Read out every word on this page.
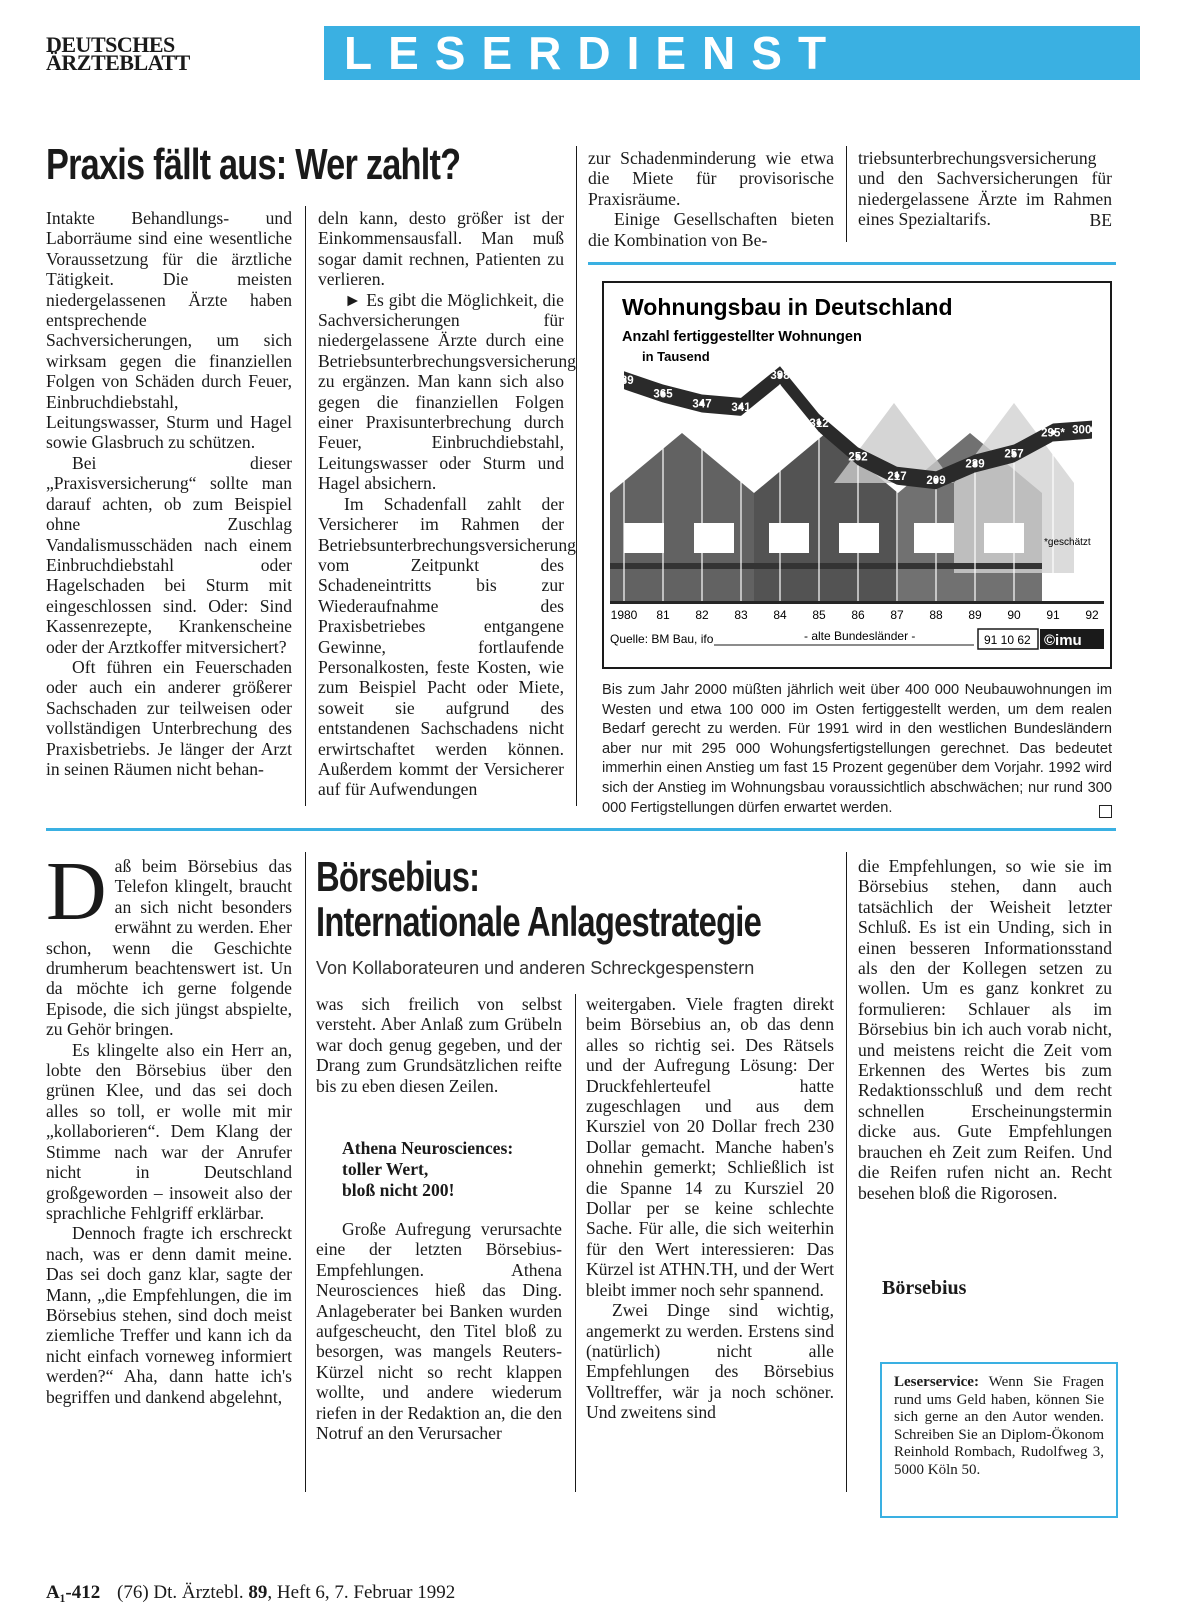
DEUTSCHES
ÄRZTEBLATT	LESERDIENST
Praxis fällt aus: Wer zahlt?

Intakte Behandlungs- und Laborräume sind eine wesentliche Voraussetzung für die ärztliche Tätigkeit. Die meisten niedergelassenen Ärzte haben entsprechende Sachversicherungen, um sich wirksam gegen die finanziellen Folgen von Schäden durch Feuer, Einbruchdiebstahl, Leitungswasser, Sturm und Hagel sowie Glasbruch zu schützen.

Bei dieser „Praxisversicherung“ sollte man darauf achten, ob zum Beispiel ohne Zuschlag Vandalismusschäden nach einem Einbruchdiebstahl oder Hagelschaden bei Sturm mit eingeschlossen sind. Oder: Sind Kassenrezepte, Krankenscheine oder der Arztkoffer mitversichert?

Oft führen ein Feuerschaden oder auch ein anderer größerer Sachschaden zur teilweisen oder vollständigen Unterbrechung des Praxisbetriebs. Je länger der Arzt in seinen Räumen nicht behan-

deln kann, desto größer ist der Einkommensausfall. Man muß sogar damit rechnen, Patienten zu verlieren.

► Es gibt die Möglichkeit, die Sachversicherungen für niedergelassene Ärzte durch eine Betriebsunterbrechungsversicherung zu ergänzen. Man kann sich also gegen die finanziellen Folgen einer Praxisunterbrechung durch Feuer, Einbruchdiebstahl, Leitungswasser oder Sturm und Hagel absichern.

Im Schadenfall zahlt der Versicherer im Rahmen der Betriebsunterbrechungsversicherung vom Zeitpunkt des Schadeneintritts bis zur Wiederaufnahme des Praxisbetriebes entgangene Gewinne, fortlaufende Personalkosten, feste Kosten, wie zum Beispiel Pacht oder Miete, soweit sie aufgrund des entstandenen Sachschadens nicht erwirtschaftet werden können. Außerdem kommt der Versicherer auf für Aufwendungen

zur Schadenminderung wie etwa die Miete für provisorische Praxisräume.

Einige Gesellschaften bieten die Kombination von Be-

triebsunterbrechungsversicherung und den Sachversicherungen für niedergelassene Ärzte im Rahmen eines Spezialtarifs.	BE
Wohnungsbau in Deutschland
Anzahl fertiggestellter Wohnungen
in Tausend
389
365
347 341
398
312
252
217 209
239
257
295* 300*
1980 81 82 83 84 85 86 87 88 89 90 91 92
*geschätzt
Quelle: BM Bau, ifo	- alte Bundesländer -	91 10 62 ©imu
Bis zum Jahr 2000 müßten jährlich weit über 400 000 Neubauwohnungen im Westen und etwa 100 000 im Osten fertiggestellt werden, um dem realen Bedarf gerecht zu werden. Für 1991 wird in den westlichen Bundesländern aber nur mit 295 000 Wohungsfertigstellungen gerechnet. Das bedeutet immerhin einen Anstieg um fast 15 Prozent gegenüber dem Vorjahr. 1992 wird sich der Anstieg im Wohnungsbau voraussichtlich abschwächen; nur rund 300 000 Fertigstellungen dürfen erwartet werden.

Daß beim Börsebius das Telefon klingelt, braucht an sich nicht besonders erwähnt zu werden. Eher schon, wenn die Geschichte drumherum beachtenswert ist. Un da möchte ich gerne folgende Episode, die sich jüngst abspielte, zu Gehör bringen.

Es klingelte also ein Herr an, lobte den Börsebius über den grünen Klee, und das sei doch alles so toll, er wolle mit mir „kollaborieren“. Dem Klang der Stimme nach war der Anrufer nicht in Deutschland großgeworden – insoweit also der sprachliche Fehlgriff erklärbar.

Dennoch fragte ich erschreckt nach, was er denn damit meine. Das sei doch ganz klar, sagte der Mann, „die Empfehlungen, die im Börsebius stehen, sind doch meist ziemliche Treffer und kann ich da nicht einfach vorneweg informiert werden?“ Aha, dann hatte ich's begriffen und dankend abgelehnt,

Börsebius:
Internationale Anlagestrategie
Von Kollaborateuren und anderen Schreckgespenstern

was sich freilich von selbst versteht. Aber Anlaß zum Grübeln war doch genug gegeben, und der Drang zum Grundsätzlichen reifte bis zu eben diesen Zeilen.

Athena Neurosciences:
toller Wert,
bloß nicht 200!

Große Aufregung verursachte eine der letzten Börsebius-Empfehlungen. Athena Neurosciences hieß das Ding. Anlageberater bei Banken wurden aufgescheucht, den Titel bloß zu besorgen, was mangels Reuters-Kürzel nicht so recht klappen wollte, und andere wiederum riefen in der Redaktion an, die den Notruf an den Verursacher

weitergaben. Viele fragten direkt beim Börsebius an, ob das denn alles so richtig sei. Des Rätsels und der Aufregung Lösung: Der Druckfehlerteufel hatte zugeschlagen und aus dem Kursziel von 20 Dollar frech 230 Dollar gemacht. Manche haben's ohnehin gemerkt; Schließlich ist die Spanne 14 zu Kursziel 20 Dollar per se keine schlechte Sache. Für alle, die sich weiterhin für den Wert interessieren: Das Kürzel ist ATHN.TH, und der Wert bleibt immer noch sehr spannend.

Zwei Dinge sind wichtig, angemerkt zu werden. Erstens sind (natürlich) nicht alle Empfehlungen des Börsebius Volltreffer, wär ja noch schöner. Und zweitens sind

die Empfehlungen, so wie sie im Börsebius stehen, dann auch tatsächlich der Weisheit letzter Schluß. Es ist ein Unding, sich in einen besseren Informationsstand als den der Kollegen setzen zu wollen. Um es ganz konkret zu formulieren: Schlauer als im Börsebius bin ich auch vorab nicht, und meistens reicht die Zeit vom Erkennen des Wertes bis zum Redaktionsschluß und dem recht schnellen Erscheinungstermin dicke aus. Gute Empfehlungen brauchen eh Zeit zum Reifen. Und die Reifen rufen nicht an. Recht besehen bloß die Rigorosen.

Börsebius
Leserservice: Wenn Sie Fragen rund ums Geld haben, können Sie sich gerne an den Autor wenden. Schreiben Sie an Diplom-Ökonom Reinhold Rombach, Rudolfweg 3, 5000 Köln 50.
A₁-412 (76) Dt. Ärztebl. 89, Heft 6, 7. Februar 1992
